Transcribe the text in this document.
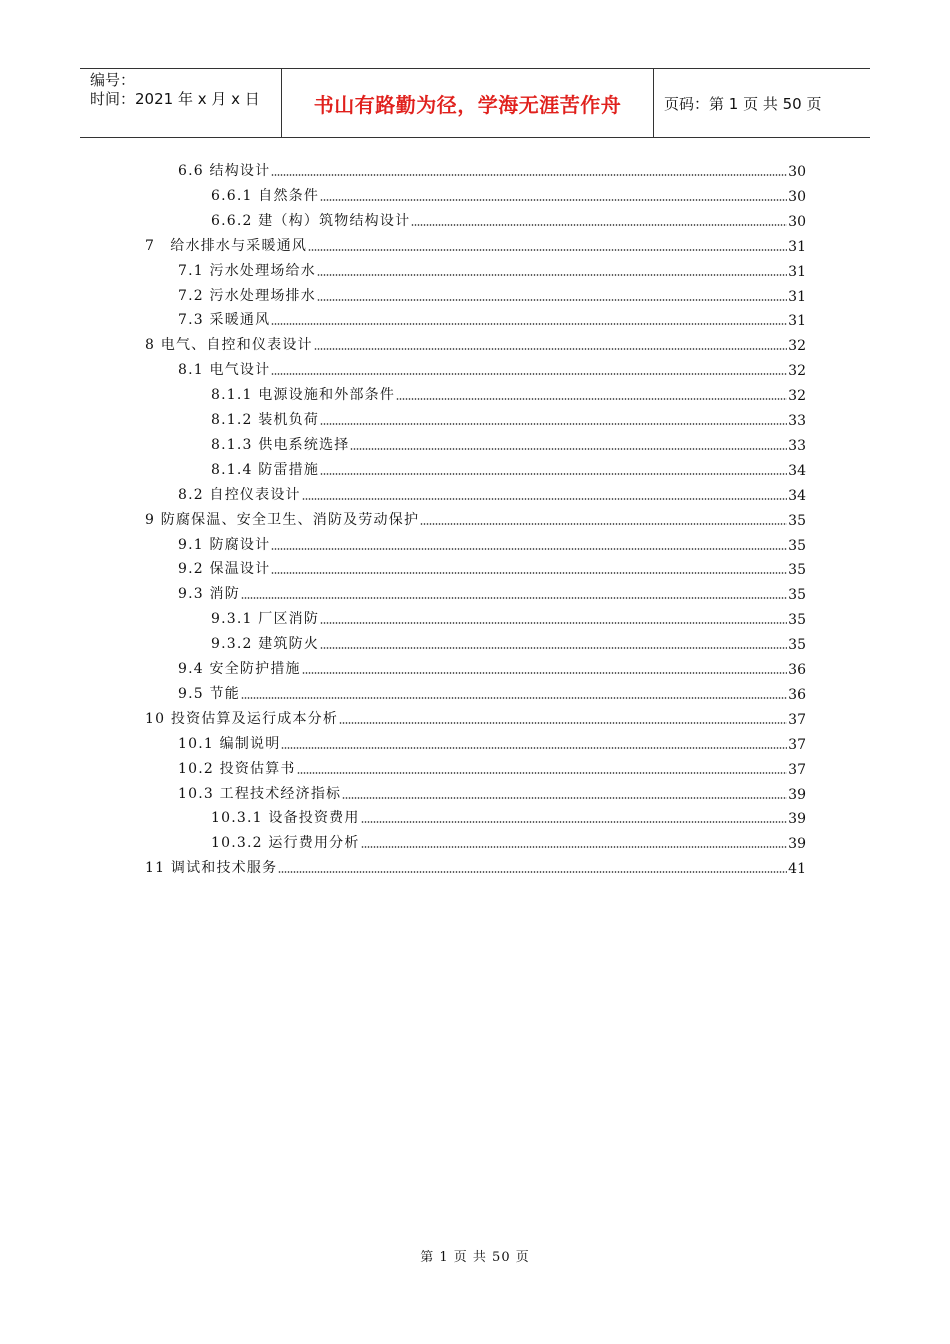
编号：
时间：2021 年 x 月 x 日	书山有路勤为径，学海无涯苦作舟	页码：第 1 页 共 50 页
6.6 结构设计	30
6.6.1 自然条件	30
6.6.2 建（构）筑物结构设计	30
7　给水排水与采暖通风	31
7.1 污水处理场给水	31
7.2 污水处理场排水	31
7.3 采暖通风	31
8 电气、自控和仪表设计	32
8.1 电气设计	32
8.1.1 电源设施和外部条件	32
8.1.2 装机负荷	33
8.1.3 供电系统选择	33
8.1.4 防雷措施	34
8.2 自控仪表设计	34
9 防腐保温、安全卫生、消防及劳动保护	35
9.1 防腐设计	35
9.2 保温设计	35
9.3 消防	35
9.3.1 厂区消防	35
9.3.2 建筑防火	35
9.4 安全防护措施	36
9.5 节能	36
10 投资估算及运行成本分析	37
10.1 编制说明	37
10.2 投资估算书	37
10.3 工程技术经济指标	39
10.3.1 设备投资费用	39
10.3.2 运行费用分析	39
11 调试和技术服务	41
第 1 页 共 50 页
